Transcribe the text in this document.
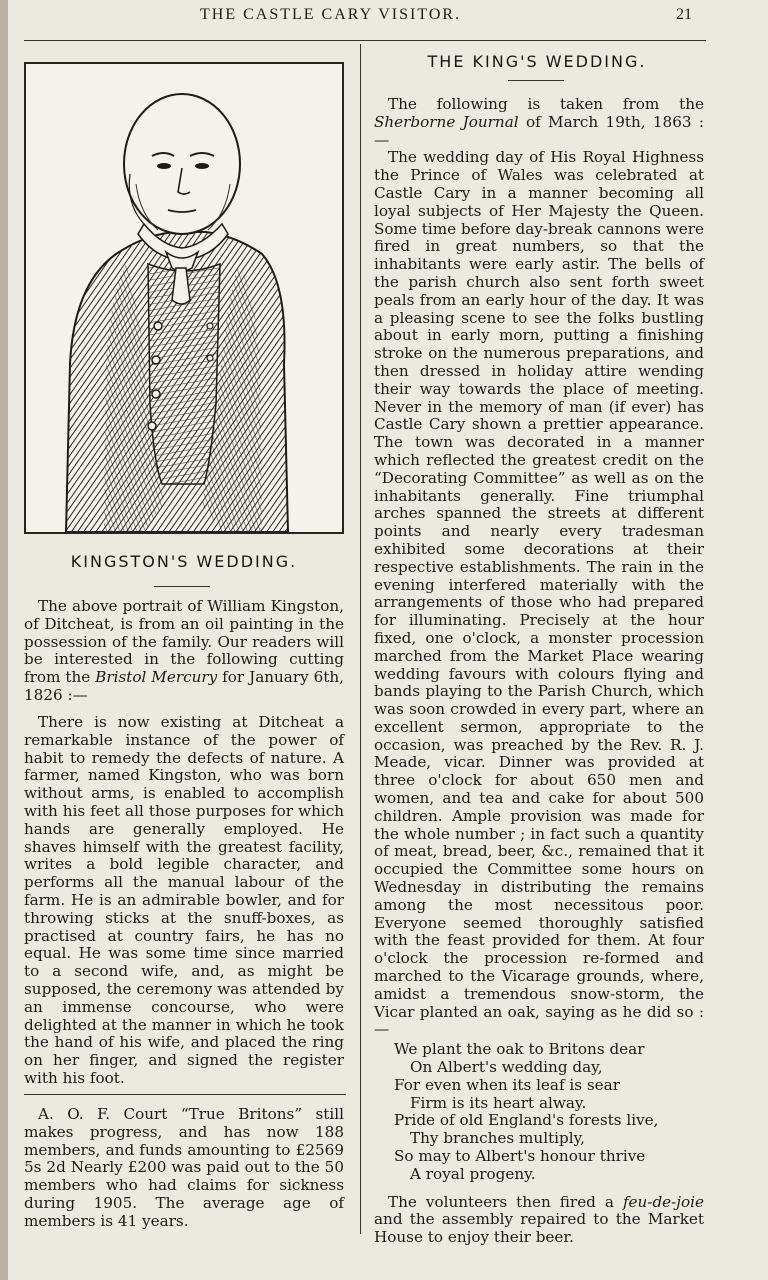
THE CASTLE CARY VISITOR.	21
KINGSTON'S WEDDING.

The above portrait of William Kingston, of Ditcheat, is from an oil painting in the possession of the family. Our readers will be interested in the following cutting from the Bristol Mercury for January 6th, 1826 :—

There is now existing at Ditcheat a remarkable instance of the power of habit to remedy the defects of nature. A farmer, named Kingston, who was born without arms, is enabled to accomplish with his feet all those purposes for which hands are generally employed. He shaves himself with the greatest facility, writes a bold legible character, and performs all the manual labour of the farm. He is an admirable bowler, and for throwing sticks at the snuff-boxes, as practised at country fairs, he has no equal. He was some time since married to a second wife, and, as might be supposed, the ceremony was attended by an immense concourse, who were delighted at the manner in which he took the hand of his wife, and placed the ring on her finger, and signed the register with his foot.

A. O. F. Court “True Britons” still makes progress, and has now 188 members, and funds amounting to £2569 5s 2d Nearly £200 was paid out to the 50 members who had claims for sickness during 1905. The average age of members is 41 years.

THE KING'S WEDDING.

The following is taken from the Sherborne Journal of March 19th, 1863 :—

The wedding day of His Royal Highness the Prince of Wales was celebrated at Castle Cary in a manner becoming all loyal subjects of Her Majesty the Queen. Some time before day-break cannons were fired in great numbers, so that the inhabitants were early astir. The bells of the parish church also sent forth sweet peals from an early hour of the day. It was a pleasing scene to see the folks bustling about in early morn, putting a finishing stroke on the numerous preparations, and then dressed in holiday attire wending their way towards the place of meeting. Never in the memory of man (if ever) has Castle Cary shown a prettier appearance. The town was decorated in a manner which reflected the greatest credit on the “Decorating Committee” as well as on the inhabitants generally. Fine triumphal arches spanned the streets at different points and nearly every tradesman exhibited some decorations at their respective establishments. The rain in the evening interfered materially with the arrangements of those who had prepared for illuminating. Precisely at the hour fixed, one o'clock, a monster procession marched from the Market Place wearing wedding favours with colours flying and bands playing to the Parish Church, which was soon crowded in every part, where an excellent sermon, appropriate to the occasion, was preached by the Rev. R. J. Meade, vicar. Dinner was provided at three o'clock for about 650 men and women, and tea and cake for about 500 children. Ample provision was made for the whole number ; in fact such a quantity of meat, bread, beer, &c., remained that it occupied the Committee some hours on Wednesday in distributing the remains among the most necessitous poor. Everyone seemed thoroughly satisfied with the feast provided for them. At four o'clock the procession re-formed and marched to the Vicarage grounds, where, amidst a tremendous snow-storm, the Vicar planted an oak, saying as he did so :—

We plant the oak to Britons dear
On Albert's wedding day,
For even when its leaf is sear
Firm is its heart alway.
Pride of old England's forests live,
Thy branches multiply,
So may to Albert's honour thrive
A royal progeny.

The volunteers then fired a feu-de-joie and the assembly repaired to the Market House to enjoy their beer.
